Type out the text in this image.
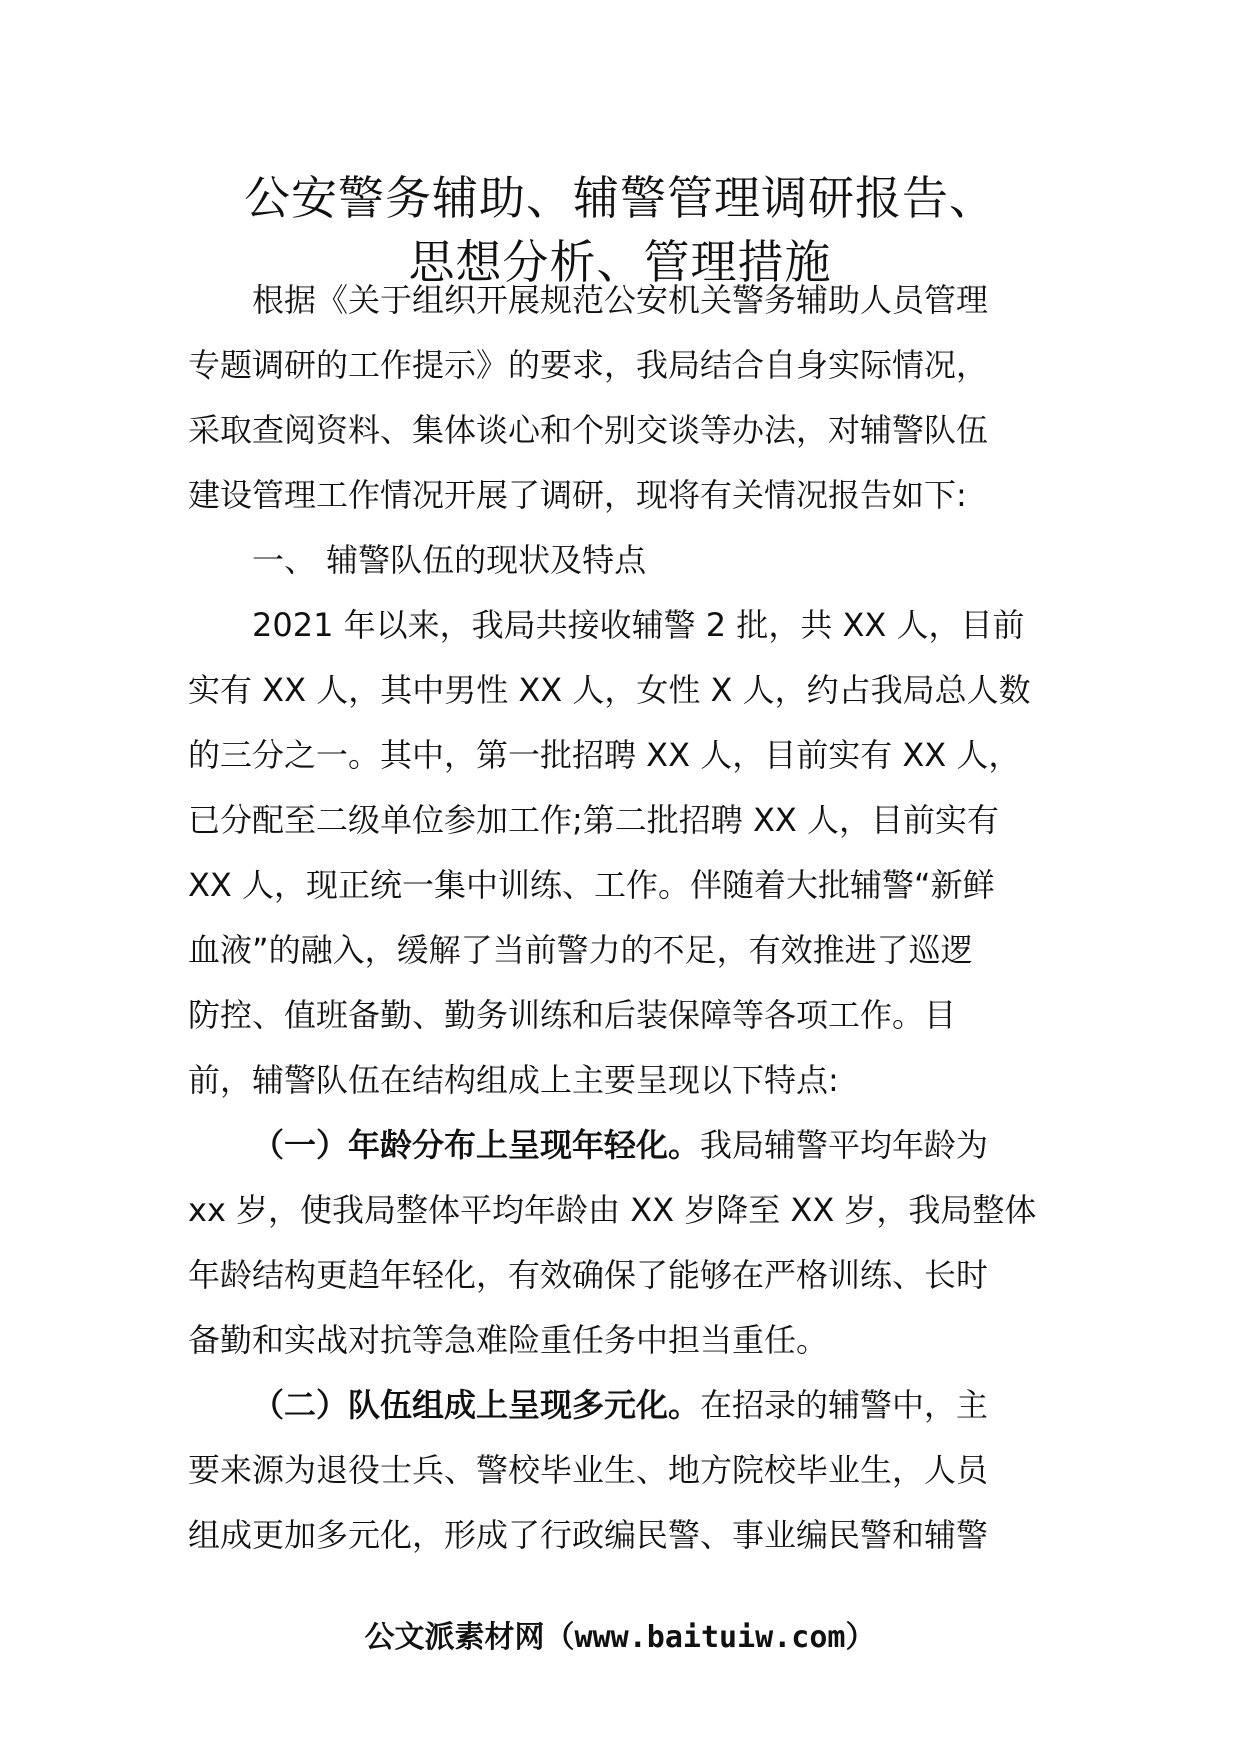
公安警务辅助、辅警管理调研报告、
思想分析、管理措施
根据《关于组织开展规范公安机关警务辅助人员管理
专题调研的工作提示》的要求，我局结合自身实际情况，
采取查阅资料、集体谈心和个别交谈等办法，对辅警队伍
建设管理工作情况开展了调研，现将有关情况报告如下:
一、 辅警队伍的现状及特点
2021 年以来，我局共接收辅警 2 批，共 XX 人，目前
实有 XX 人，其中男性 XX 人，女性 X 人，约占我局总人数
的三分之一。其中，第一批招聘 XX 人，目前实有 XX 人，
已分配至二级单位参加工作;第二批招聘 XX 人，目前实有
XX 人，现正统一集中训练、工作。伴随着大批辅警“新鲜
血液”的融入，缓解了当前警力的不足，有效推进了巡逻
防控、值班备勤、勤务训练和后装保障等各项工作。目
前，辅警队伍在结构组成上主要呈现以下特点:
（一）年龄分布上呈现年轻化。我局辅警平均年龄为
xx 岁，使我局整体平均年龄由 XX 岁降至 XX 岁，我局整体
年龄结构更趋年轻化，有效确保了能够在严格训练、长时
备勤和实战对抗等急难险重任务中担当重任。
（二）队伍组成上呈现多元化。在招录的辅警中，主
要来源为退役士兵、警校毕业生、地方院校毕业生，人员
组成更加多元化，形成了行政编民警、事业编民警和辅警
公文派素材网（www.baituiw.com）
